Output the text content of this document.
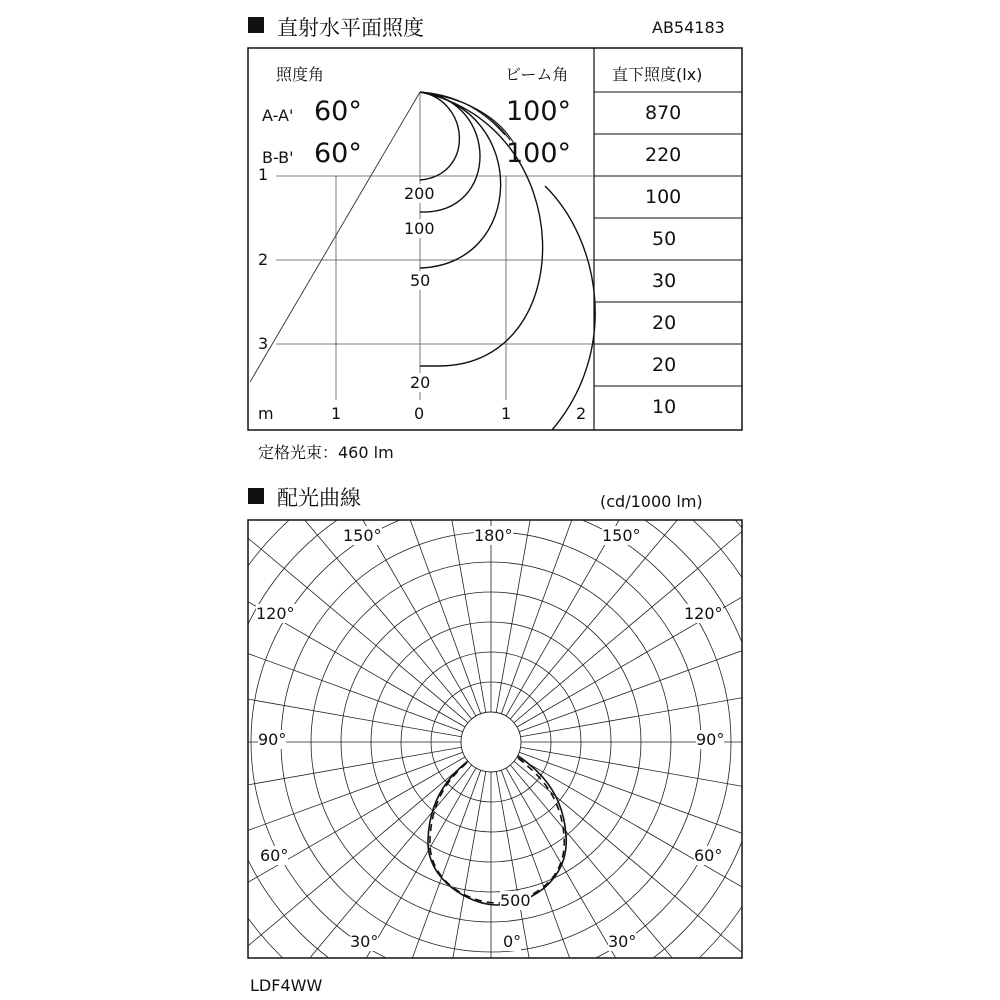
直射水平面照度	AB54183
照度角	ビーム角	直下照度(lx)
A-A' 60°	100°
B-B' 60°	100°
870
220
100
50
30
20
20
10
200
100
50
20
1
2
3
m	1	0	1	2
定格光束：460 lm
配光曲線	(cd/1000 lm)
150°	180°	150°
120°	120°
90°	90°
60°	60°
30°	0°	30°
500
LDF4WW
